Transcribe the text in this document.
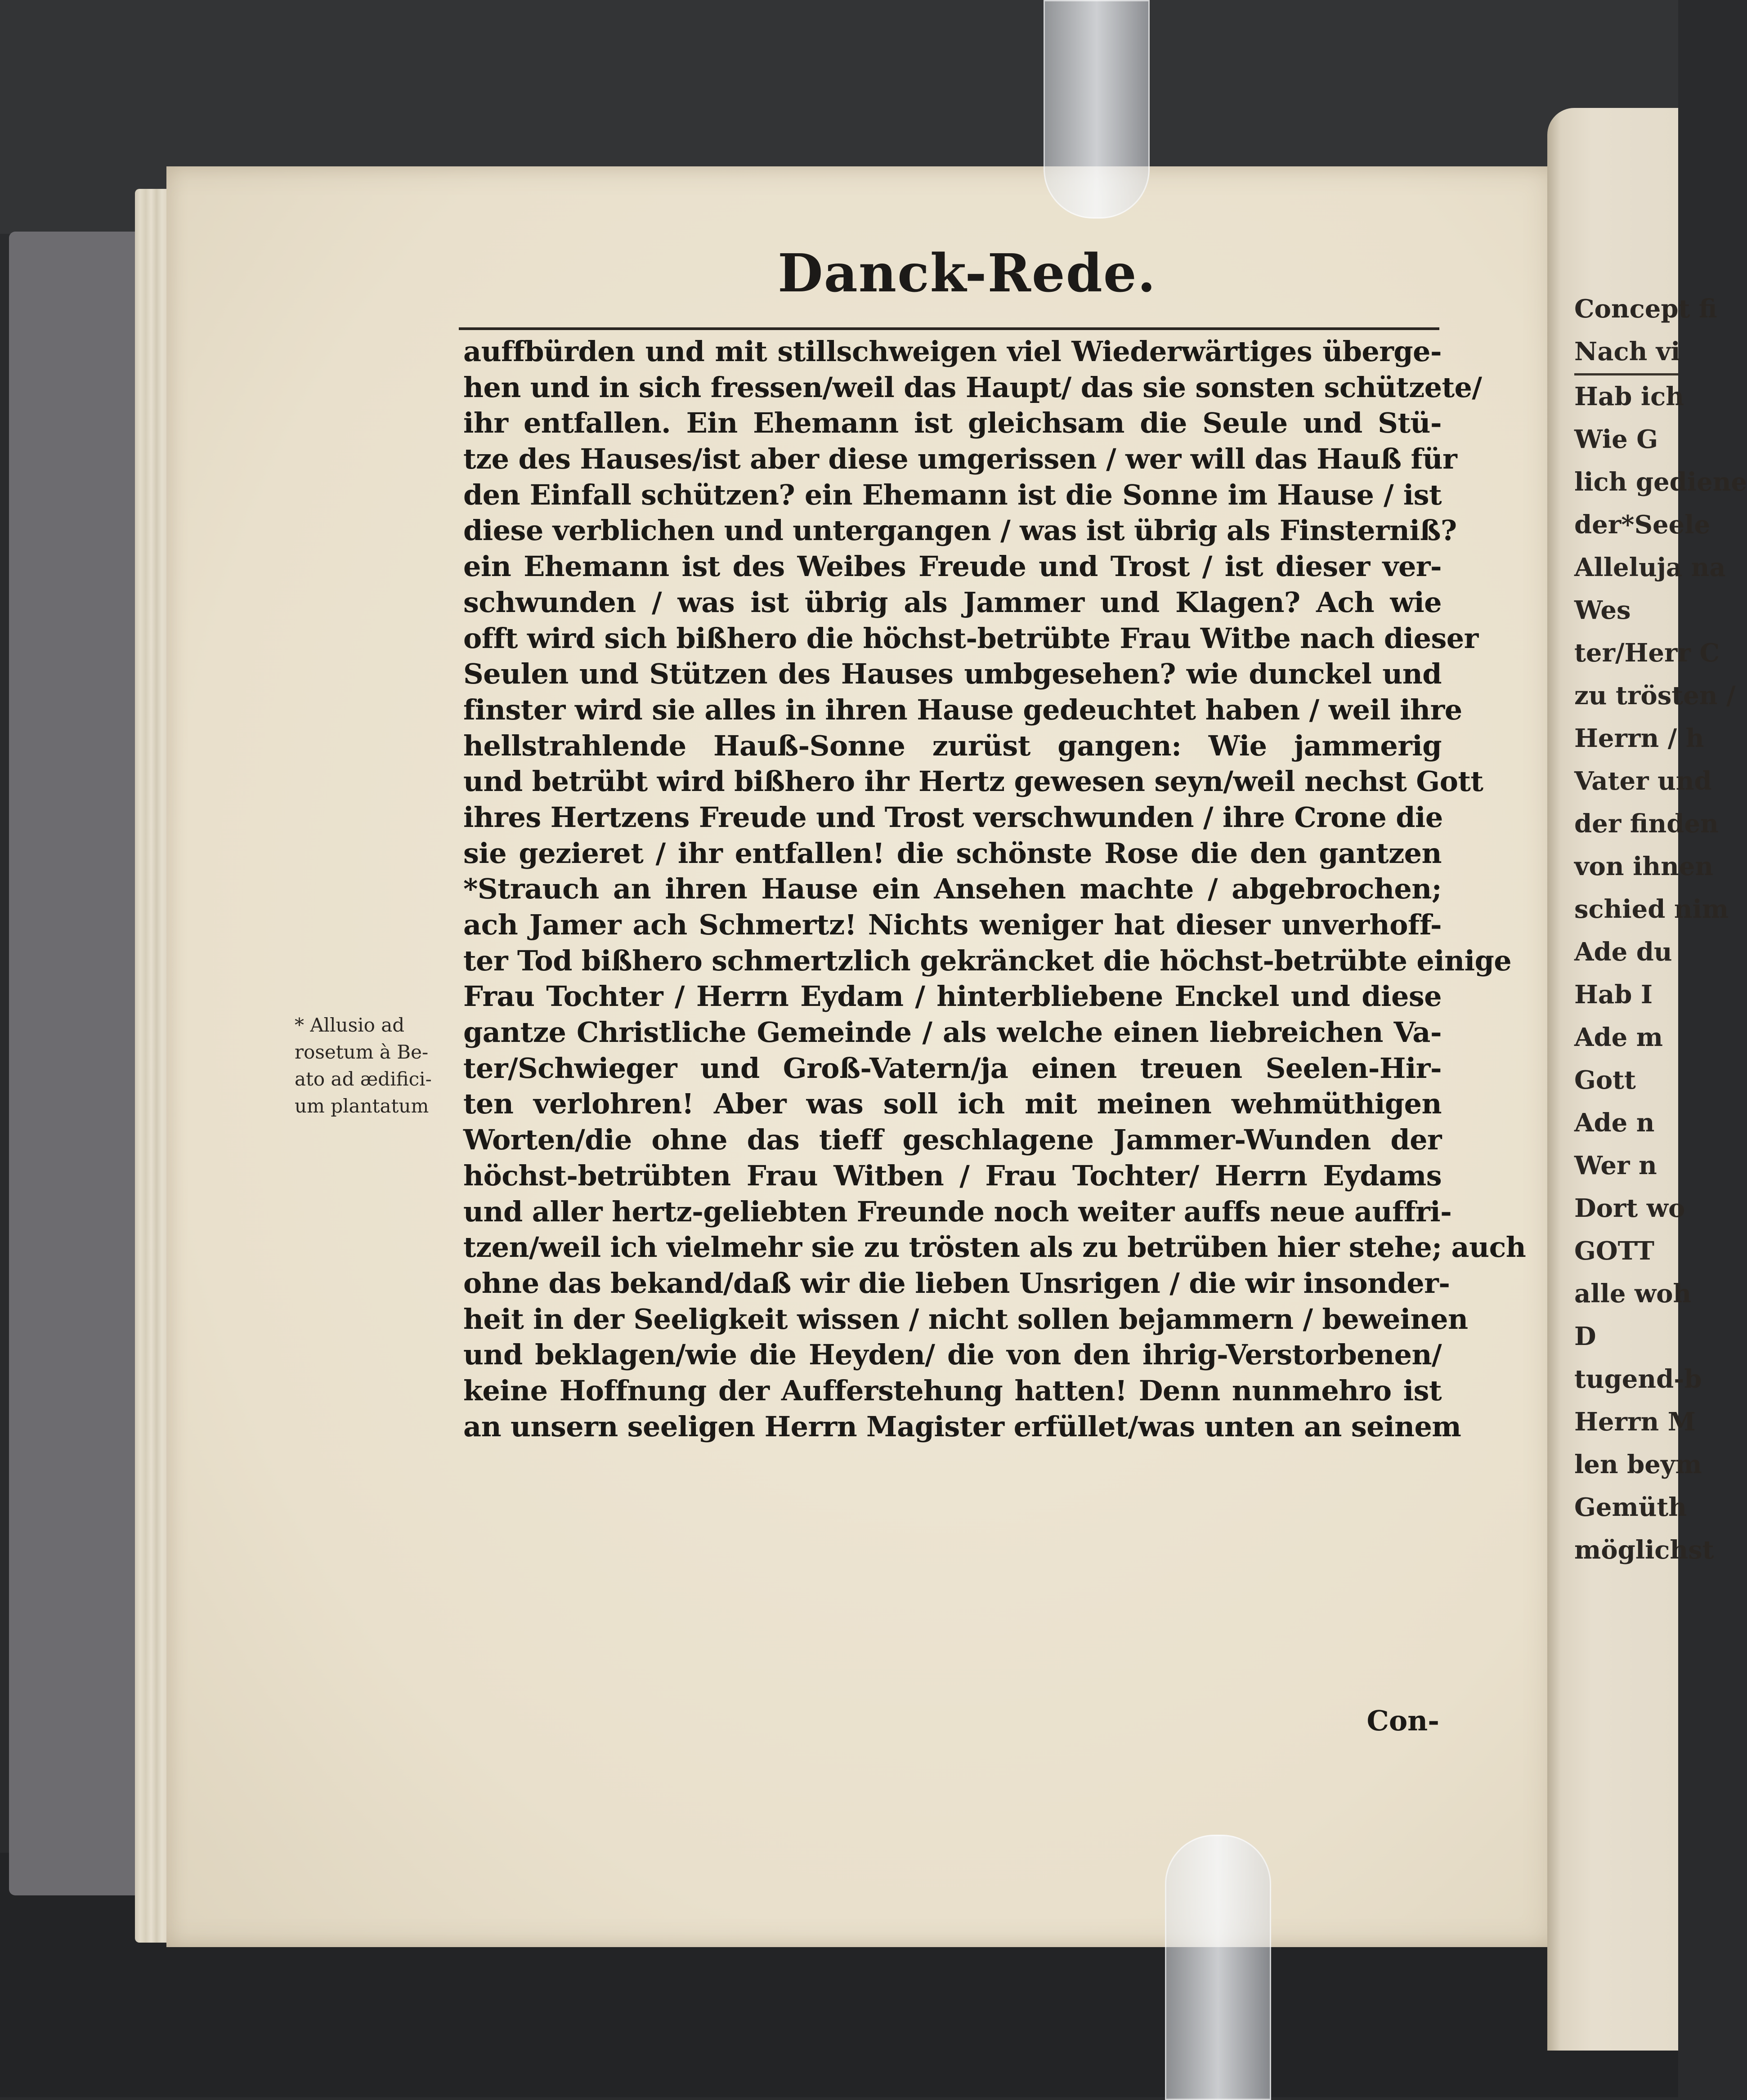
Concept fi
Nach vi
Hab ich
Wie G
lich gediene
der*Seele
Alleluja na
Wes
ter/Herr C
zu trösten /
Herrn / h
Vater und
der finden
von ihnen
schied nim
Ade du
Hab I
Ade m
Gott
Ade n
Wer n
Dort wo
GOTT
alle woh
D
tugend-b
Herrn M
len beym
Gemüth
möglichst
Danck-Rede.
auffbürden und mit stillschweigen viel Wiederwärtiges überge-
hen und in sich fressen/weil das Haupt/ das sie sonsten schützete/
ihr entfallen. Ein Ehemann ist gleichsam die Seule und Stü-
tze des Hauses/ist aber diese umgerissen / wer will das Hauß für
den Einfall schützen? ein Ehemann ist die Sonne im Hause / ist
diese verblichen und untergangen / was ist übrig als Finsterniß?
ein Ehemann ist des Weibes Freude und Trost / ist dieser ver-
schwunden / was ist übrig als Jammer und Klagen? Ach wie
offt wird sich bißhero die höchst-betrübte Frau Witbe nach dieser
Seulen und Stützen des Hauses umbgesehen? wie dunckel und
finster wird sie alles in ihren Hause gedeuchtet haben / weil ihre
hellstrahlende Hauß-Sonne zurüst gangen: Wie jammerig
und betrübt wird bißhero ihr Hertz gewesen seyn/weil nechst Gott
ihres Hertzens Freude und Trost verschwunden / ihre Crone die
sie gezieret / ihr entfallen! die schönste Rose die den gantzen
*Strauch an ihren Hause ein Ansehen machte / abgebrochen;
ach Jamer ach Schmertz! Nichts weniger hat dieser unverhoff-
ter Tod bißhero schmertzlich gekräncket die höchst-betrübte einige
Frau Tochter / Herrn Eydam / hinterbliebene Enckel und diese
gantze Christliche Gemeinde / als welche einen liebreichen Va-
ter/Schwieger und Groß-Vatern/ja einen treuen Seelen-Hir-
ten verlohren! Aber was soll ich mit meinen wehmüthigen
Worten/die ohne das tieff geschlagene Jammer-Wunden der
höchst-betrübten Frau Witben / Frau Tochter/ Herrn Eydams
und aller hertz-geliebten Freunde noch weiter auffs neue auffri-
tzen/weil ich vielmehr sie zu trösten als zu betrüben hier stehe; auch
ohne das bekand/daß wir die lieben Unsrigen / die wir insonder-
heit in der Seeligkeit wissen / nicht sollen bejammern / beweinen
und beklagen/wie die Heyden/ die von den ihrig-Verstorbenen/
keine Hoffnung der Aufferstehung hatten! Denn nunmehro ist
an unsern seeligen Herrn Magister erfüllet/was unten an seinem
Con-
* Allusio ad
rosetum à Be-
ato ad ædifici-
um plantatum
